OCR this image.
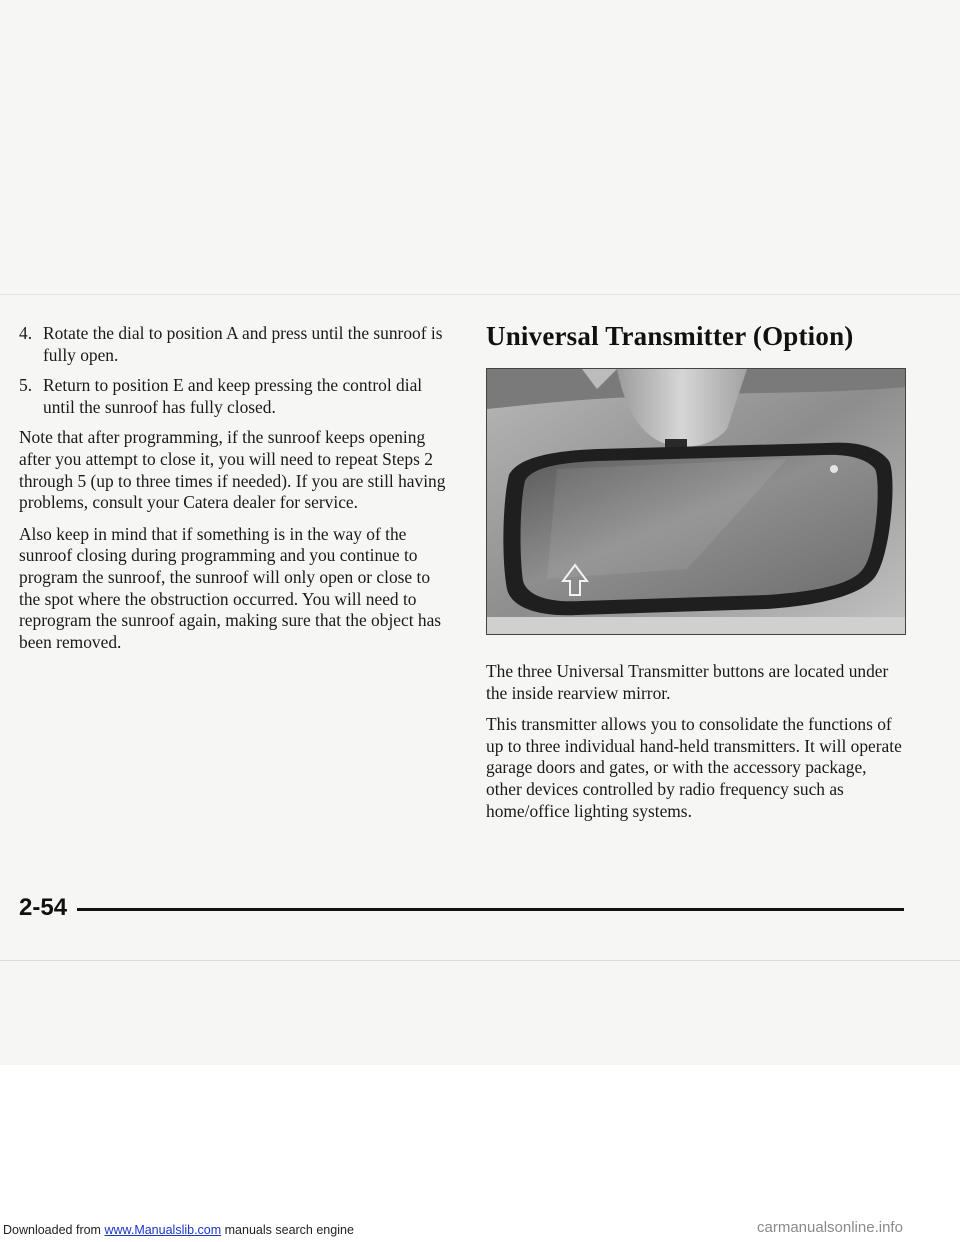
4. Rotate the dial to position A and press until the sunroof is fully open.
5. Return to position E and keep pressing the control dial until the sunroof has fully closed.

Note that after programming, if the sunroof keeps opening after you attempt to close it, you will need to repeat Steps 2 through 5 (up to three times if needed). If you are still having problems, consult your Catera dealer for service.

Also keep in mind that if something is in the way of the sunroof closing during programming and you continue to program the sunroof, the sunroof will only open or close to the spot where the obstruction occurred. You will need to reprogram the sunroof again, making sure that the object has been removed.

Universal Transmitter (Option)

The three Universal Transmitter buttons are located under the inside rearview mirror.

This transmitter allows you to consolidate the functions of up to three individual hand-held transmitters. It will operate garage doors and gates, or with the accessory package, other devices controlled by radio frequency such as home/office lighting systems.

2-54
Downloaded from www.Manualslib.com manuals search engine	carmanualsonline.info
